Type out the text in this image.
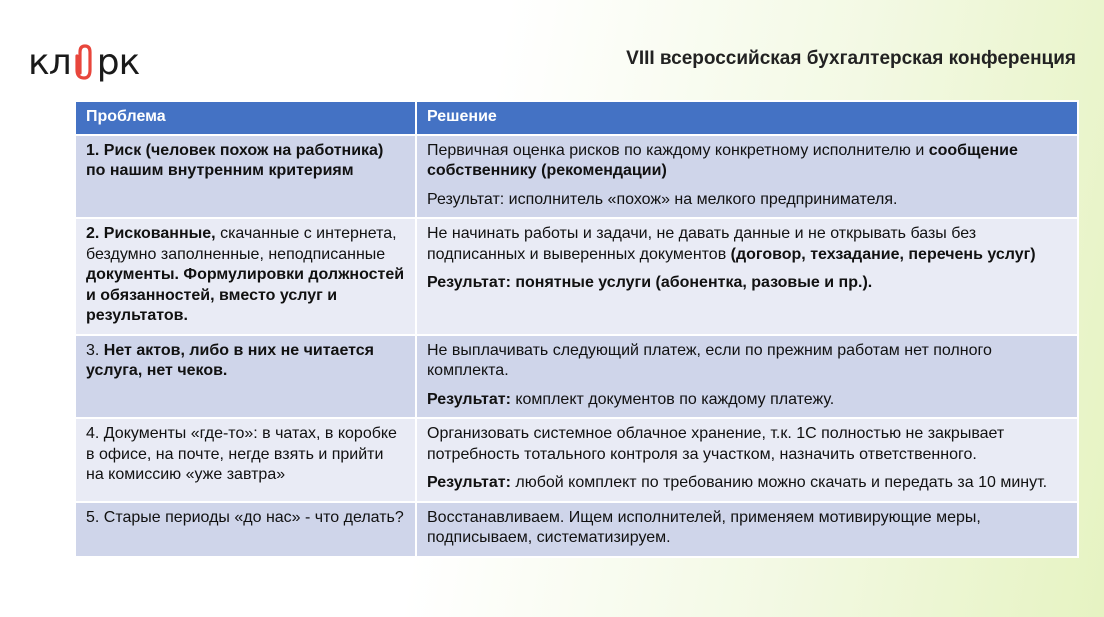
кл рк	VIII всероссийская бухгалтерская конференция
Проблема	Решение

1. Риск (человек похож на работника) по нашим внутренним критериям	Первичная оценка рисков по каждому конкретному исполнителю и сообщение собственнику (рекомендации)

Результат: исполнитель «похож» на мелкого предпринимателя.

2. Рискованные, скачанные с интернета, бездумно заполненные, неподписанные документы. Формулировки должностей и обязанностей, вместо услуг и результатов.	Не начинать работы и задачи, не давать данные и не открывать базы без подписанных и выверенных документов (договор, техзадание, перечень услуг)

Результат: понятные услуги (абонентка, разовые и пр.).

3. Нет актов, либо в них не читается услуга, нет чеков.	Не выплачивать следующий платеж, если по прежним работам нет полного комплекта.

Результат: комплект документов по каждому платежу.

4. Документы «где-то»: в чатах, в коробке в офисе, на почте, негде взять и прийти на комиссию «уже завтра»	Организовать системное облачное хранение, т.к. 1С полностью не закрывает потребность тотального контроля за участком, назначить ответственного.

Результат: любой комплект по требованию можно скачать и передать за 10 минут.

5. Старые периоды «до нас» - что делать?	Восстанавливаем. Ищем исполнителей, применяем мотивирующие меры, подписываем, систематизируем.
